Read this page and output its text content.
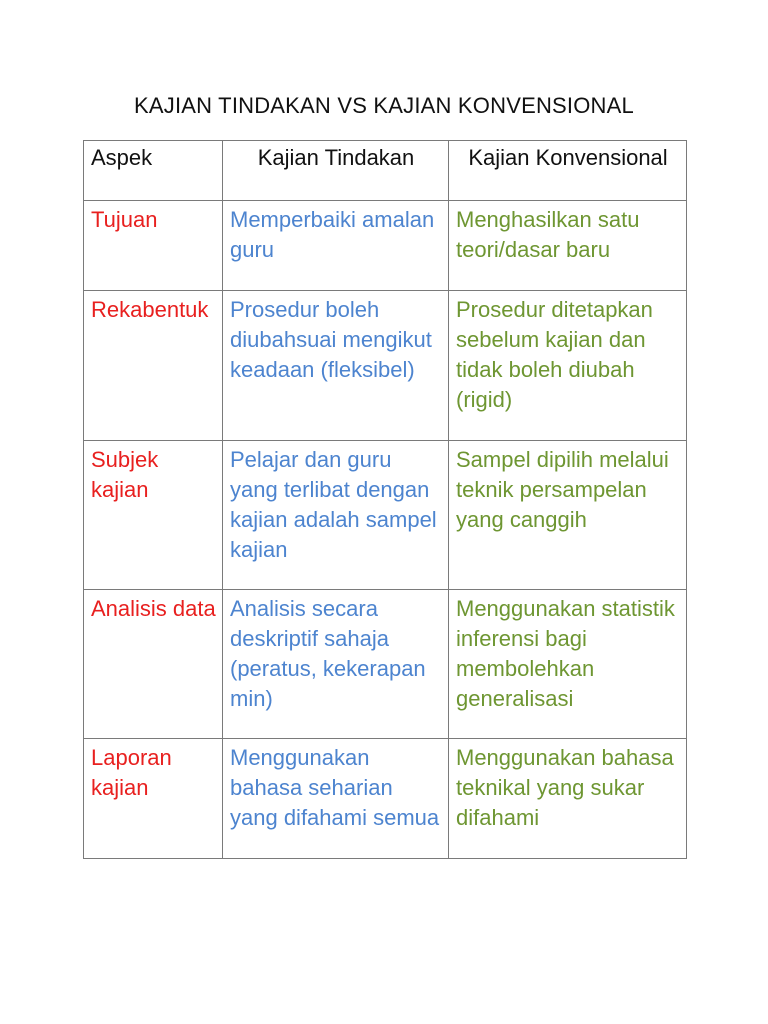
KAJIAN TINDAKAN VS KAJIAN KONVENSIONAL
Aspek	Kajian Tindakan	Kajian Konvensional
Tujuan	Memperbaiki amalan guru	Menghasilkan satu teori/dasar baru
Rekabentuk	Prosedur boleh diubahsuai mengikut keadaan (fleksibel)	Prosedur ditetapkan sebelum kajian dan tidak boleh diubah (rigid)
Subjek kajian	Pelajar dan guru yang terlibat dengan kajian adalah sampel kajian	Sampel dipilih melalui teknik persampelan yang canggih
Analisis data	Analisis secara deskriptif sahaja (peratus, kekerapan min)	Menggunakan statistik inferensi bagi membolehkan generalisasi
Laporan kajian	Menggunakan bahasa seharian yang difahami semua	Menggunakan bahasa teknikal yang sukar difahami
